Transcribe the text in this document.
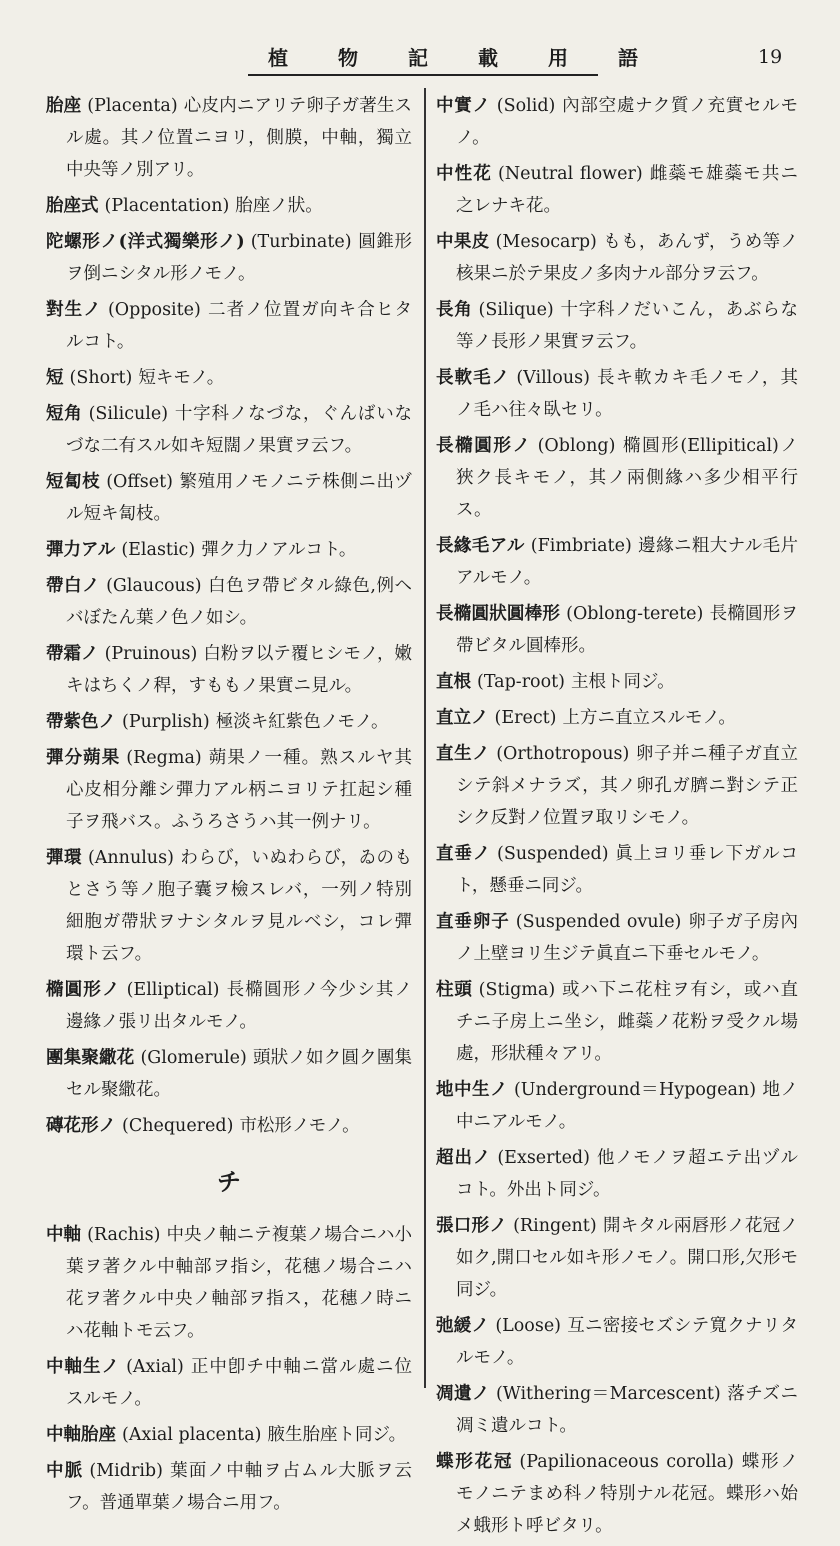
植物記載用語	19

胎座 (Placenta) 心皮内ニアリテ卵子ガ著生スル處。其ノ位置ニヨリ，側膜，中軸，獨立中央等ノ別アリ。

胎座式 (Placentation) 胎座ノ狀。

陀螺形ノ(洋式獨樂形ノ) (Turbinate) 圓錐形ヲ倒ニシタル形ノモノ。

對生ノ (Opposite) 二者ノ位置ガ向キ合ヒタルコト。

短 (Short) 短キモノ。

短角 (Silicule) 十字科ノなづな，ぐんばいなづな二有スル如キ短闊ノ果實ヲ云フ。

短匐枝 (Offset) 繁殖用ノモノニテ株側ニ出ヅル短キ匐枝。

彈力アル (Elastic) 彈ク力ノアルコト。

帶白ノ (Glaucous) 白色ヲ帶ビタル綠色,例ヘバぼたん葉ノ色ノ如シ。

帶霜ノ (Pruinous) 白粉ヲ以テ覆ヒシモノ，嫩キはちくノ稈，すももノ果實ニ見ル。

帶紫色ノ (Purplish) 極淡キ紅紫色ノモノ。

彈分蒴果 (Regma) 蒴果ノ一種。熟スルヤ其心皮相分離シ彈力アル柄ニヨリテ扛起シ種子ヲ飛バス。ふうろさうハ其一例ナリ。

彈環 (Annulus) わらび，いぬわらび，ゐのもとさう等ノ胞子囊ヲ檢スレバ，一列ノ特別細胞ガ帶狀ヲナシタルヲ見ルベシ，コレ彈環ト云フ。

橢圓形ノ (Elliptical) 長橢圓形ノ今少シ其ノ邊緣ノ張リ出タルモノ。

團集聚繖花 (Glomerule) 頭狀ノ如ク圓ク團集セル聚繖花。

磚花形ノ (Chequered) 市松形ノモノ。

チ

中軸 (Rachis) 中央ノ軸ニテ複葉ノ場合ニハ小葉ヲ著クル中軸部ヲ指シ，花穗ノ場合ニハ花ヲ著クル中央ノ軸部ヲ指ス，花穗ノ時ニハ花軸トモ云フ。

中軸生ノ (Axial) 正中卽チ中軸ニ當ル處ニ位スルモノ。

中軸胎座 (Axial placenta) 腋生胎座ト同ジ。

中脈 (Midrib) 葉面ノ中軸ヲ占ムル大脈ヲ云フ。普通單葉ノ場合ニ用フ。

中實ノ (Solid) 內部空處ナク質ノ充實セルモノ。

中性花 (Neutral flower) 雌蘂モ雄蘂モ共ニ之レナキ花。

中果皮 (Mesocarp) もも，あんず，うめ等ノ核果ニ於テ果皮ノ多肉ナル部分ヲ云フ。

長角 (Silique) 十字科ノだいこん，あぶらな等ノ長形ノ果實ヲ云フ。

長軟毛ノ (Villous) 長キ軟カキ毛ノモノ，其ノ毛ハ往々臥セリ。

長橢圓形ノ (Oblong) 橢圓形(Ellipitical)ノ狹ク長キモノ，其ノ兩側緣ハ多少相平行ス。

長緣毛アル (Fimbriate) 邊緣ニ粗大ナル毛片アルモノ。

長橢圓狀圓棒形 (Oblong-terete) 長橢圓形ヲ帶ビタル圓棒形。

直根 (Tap-root) 主根ト同ジ。

直立ノ (Erect) 上方ニ直立スルモノ。

直生ノ (Orthotropous) 卵子并ニ種子ガ直立シテ斜メナラズ，其ノ卵孔ガ臍ニ對シテ正シク反對ノ位置ヲ取リシモノ。

直垂ノ (Suspended) 眞上ヨリ垂レ下ガルコト，懸垂ニ同ジ。

直垂卵子 (Suspended ovule) 卵子ガ子房內ノ上壁ヨリ生ジテ眞直ニ下垂セルモノ。

柱頭 (Stigma) 或ハ下ニ花柱ヲ有シ，或ハ直チニ子房上ニ坐シ，雌蘂ノ花粉ヲ受クル場處，形狀種々アリ。

地中生ノ (Underground＝Hypogean) 地ノ中ニアルモノ。

超出ノ (Exserted) 他ノモノヲ超エテ出ヅルコト。外出ト同ジ。

張口形ノ (Ringent) 開キタル兩唇形ノ花冠ノ如ク,開口セル如キ形ノモノ。開口形,欠形モ同ジ。

弛緩ノ (Loose) 互ニ密接セズシテ寬クナリタルモノ。

凋遺ノ (Withering＝Marcescent) 落チズニ凋ミ遺ルコト。

蝶形花冠 (Papilionaceous corolla) 蝶形ノモノニテまめ科ノ特別ナル花冠。蝶形ハ始メ蛾形ト呼ビタリ。
